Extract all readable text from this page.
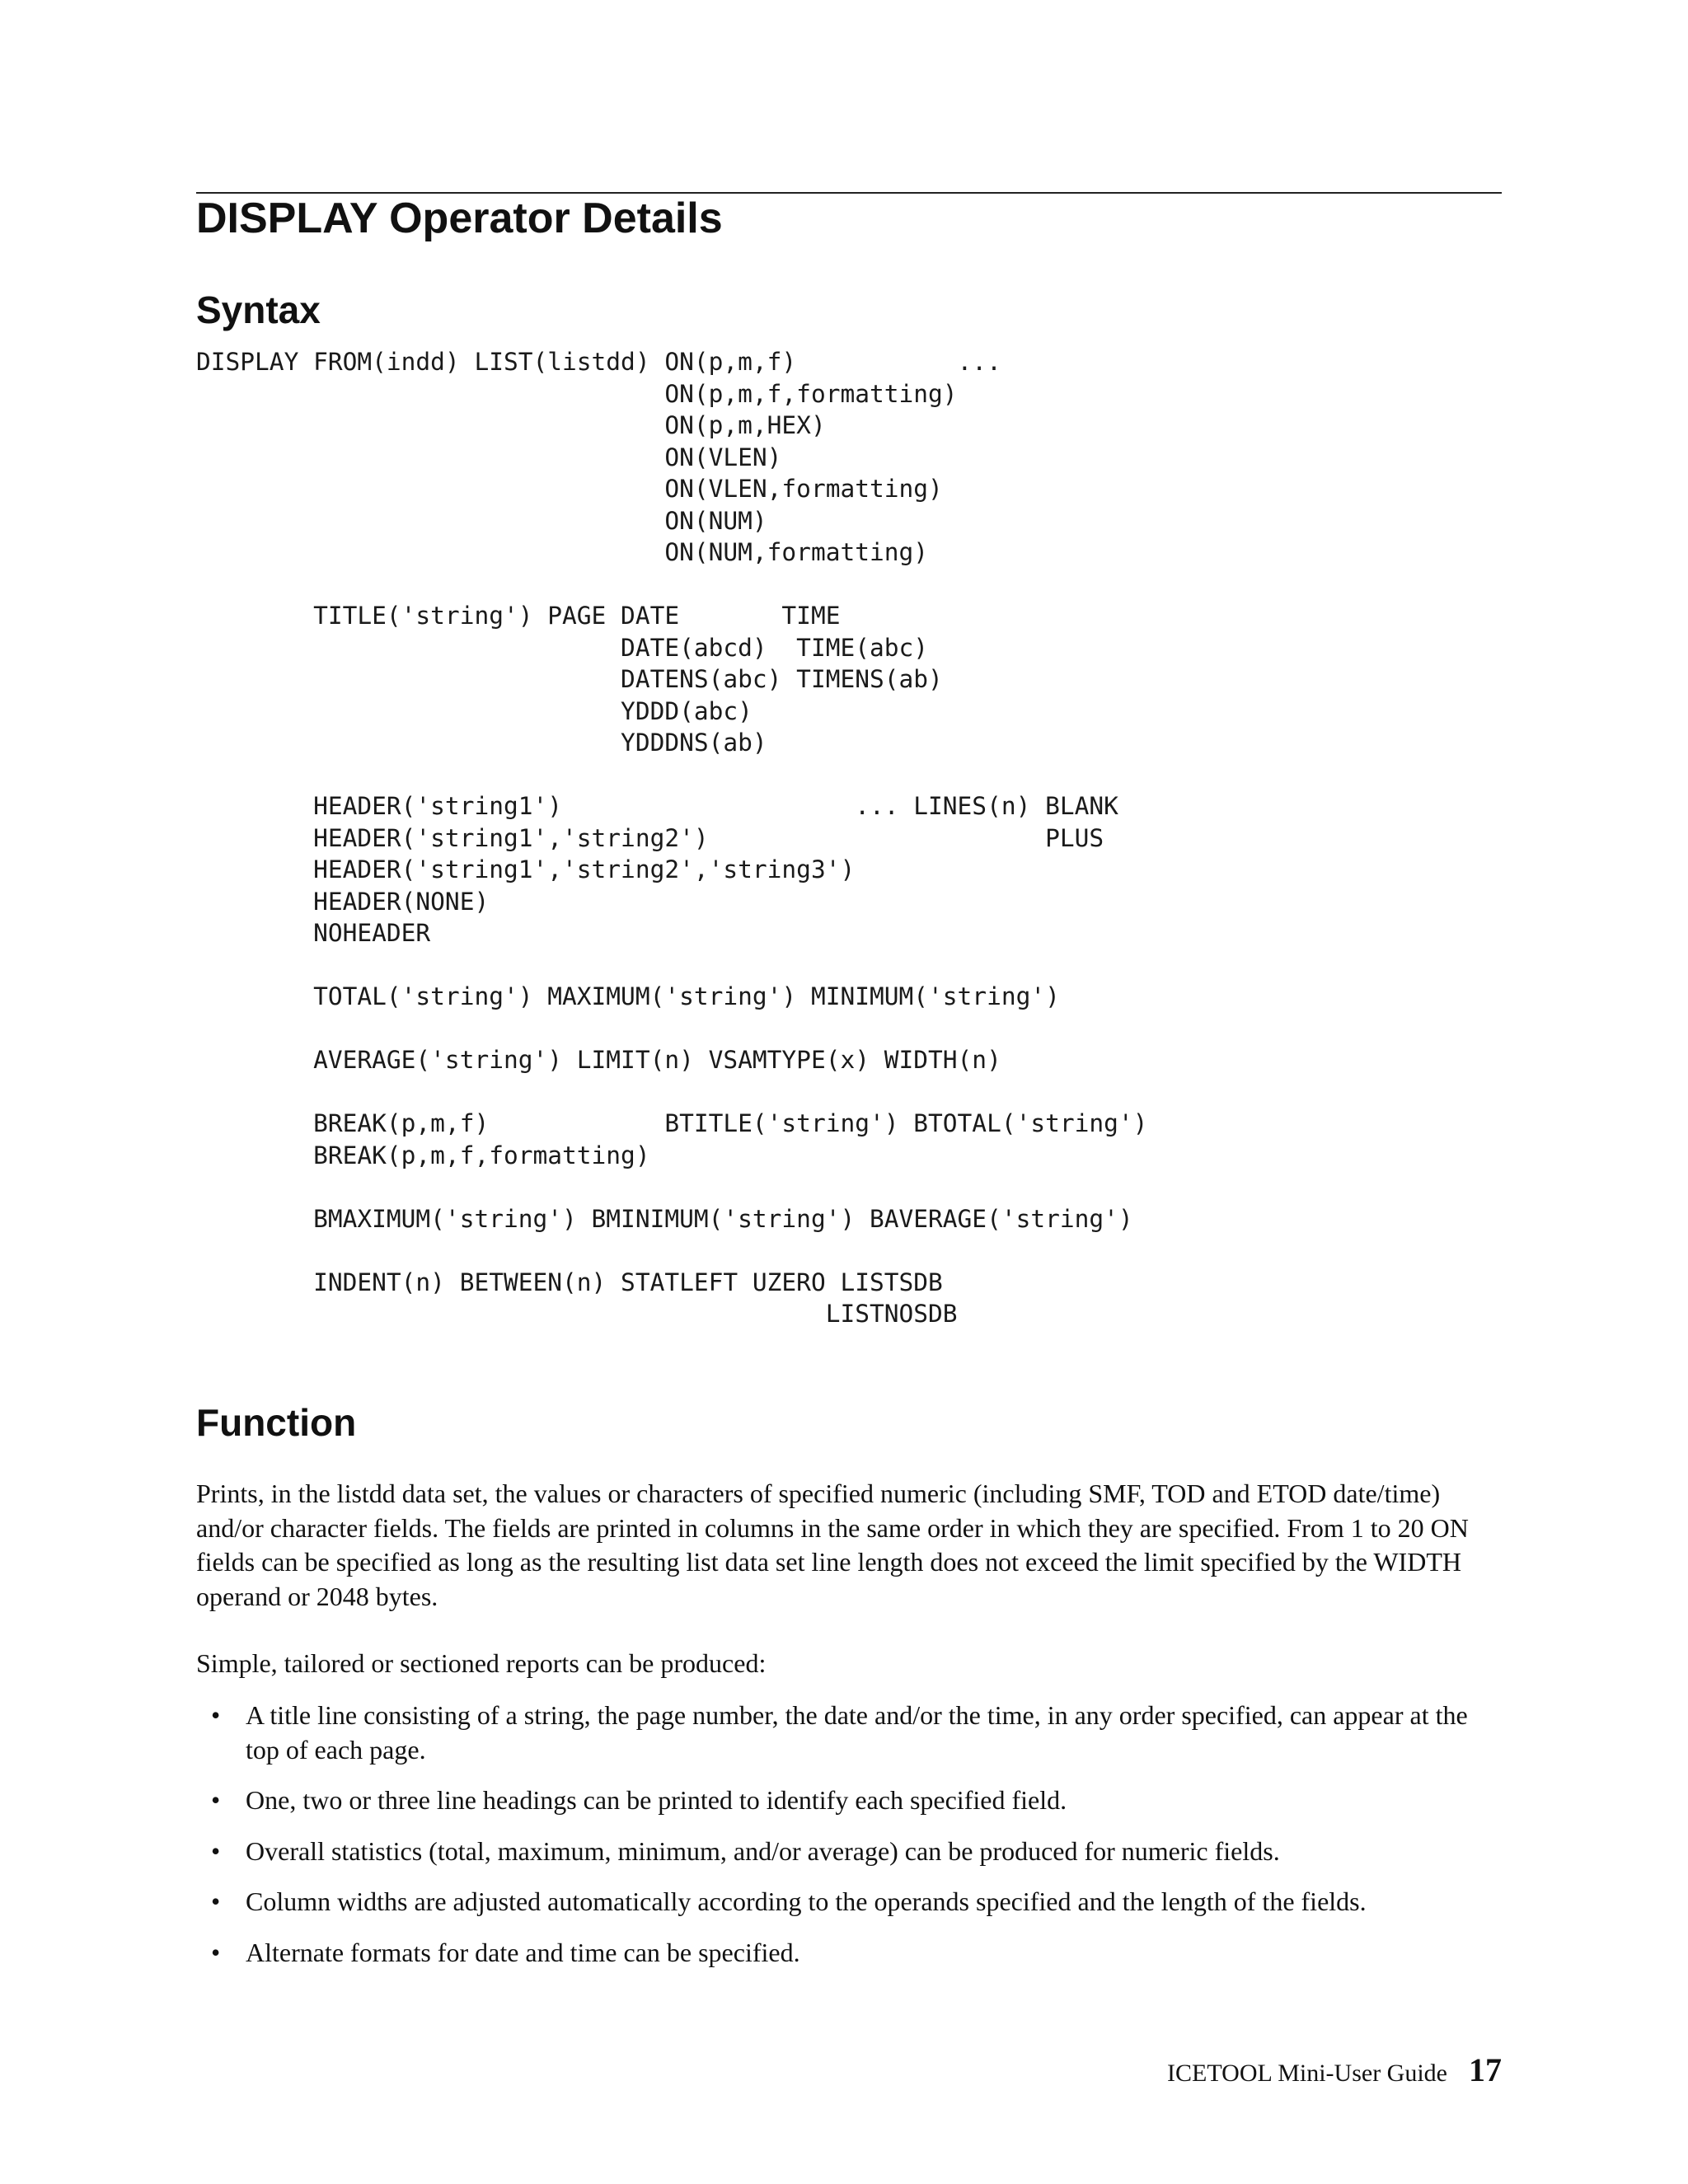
DISPLAY Operator Details
Syntax
DISPLAY FROM(indd) LIST(listdd) ON(p,m,f)           ...
ON(p,m,f,formatting)
ON(p,m,HEX)
ON(VLEN)
ON(VLEN,formatting)
ON(NUM)
ON(NUM,formatting)
TITLE('string') PAGE DATE       TIME
DATE(abcd)  TIME(abc)
DATENS(abc) TIMENS(ab)
YDDD(abc)
YDDDNS(ab)
HEADER('string1')                    ... LINES(n) BLANK
HEADER('string1','string2')                       PLUS
HEADER('string1','string2','string3')
HEADER(NONE)
NOHEADER
TOTAL('string') MAXIMUM('string') MINIMUM('string')
AVERAGE('string') LIMIT(n) VSAMTYPE(x) WIDTH(n)
BREAK(p,m,f)            BTITLE('string') BTOTAL('string')
BREAK(p,m,f,formatting)
BMAXIMUM('string') BMINIMUM('string') BAVERAGE('string')
INDENT(n) BETWEEN(n) STATLEFT UZERO LISTSDB
LISTNOSDB
Function

Prints, in the listdd data set, the values or characters of specified numeric (including SMF, TOD and ETOD date/time) and/or character fields. The fields are printed in columns in the same order in which they are specified. From 1 to 20 ON fields can be specified as long as the resulting list data set line length does not exceed the limit specified by the WIDTH operand or 2048 bytes.

Simple, tailored or sectioned reports can be produced:

• A title line consisting of a string, the page number, the date and/or the time, in any order specified, can appear at the top of each page.
• One, two or three line headings can be printed to identify each specified field.
• Overall statistics (total, maximum, minimum, and/or average) can be produced for numeric fields.
• Column widths are adjusted automatically according to the operands specified and the length of the fields.
• Alternate formats for date and time can be specified.
ICETOOL Mini-User Guide 17
